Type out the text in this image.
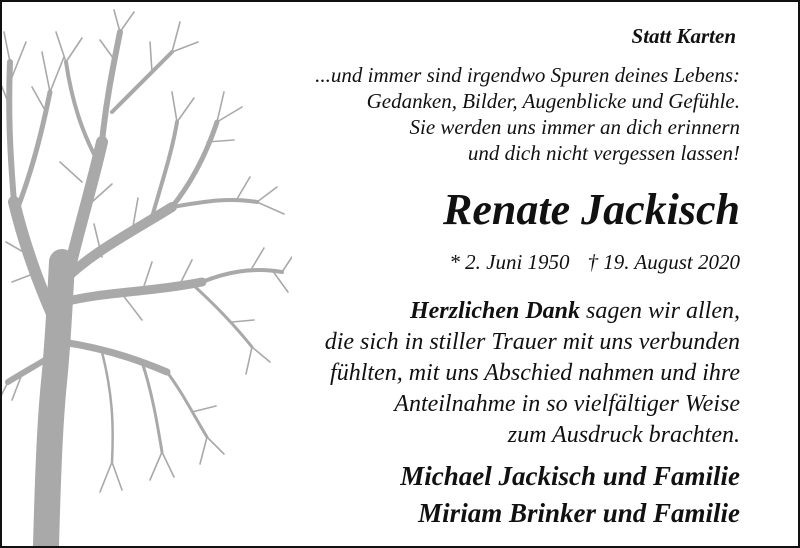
Statt Karten
...und immer sind irgendwo Spuren deines Lebens:
Gedanken, Bilder, Augenblicke und Gefühle.
Sie werden uns immer an dich erinnern
und dich nicht vergessen lassen!
Renate Jackisch
* 2. Juni 1950 † 19. August 2020
Herzlichen Dank sagen wir allen,
die sich in stiller Trauer mit uns verbunden
fühlten, mit uns Abschied nahmen und ihre
Anteilnahme in so vielfältiger Weise
zum Ausdruck brachten.
Michael Jackisch und Familie
Miriam Brinker und Familie
